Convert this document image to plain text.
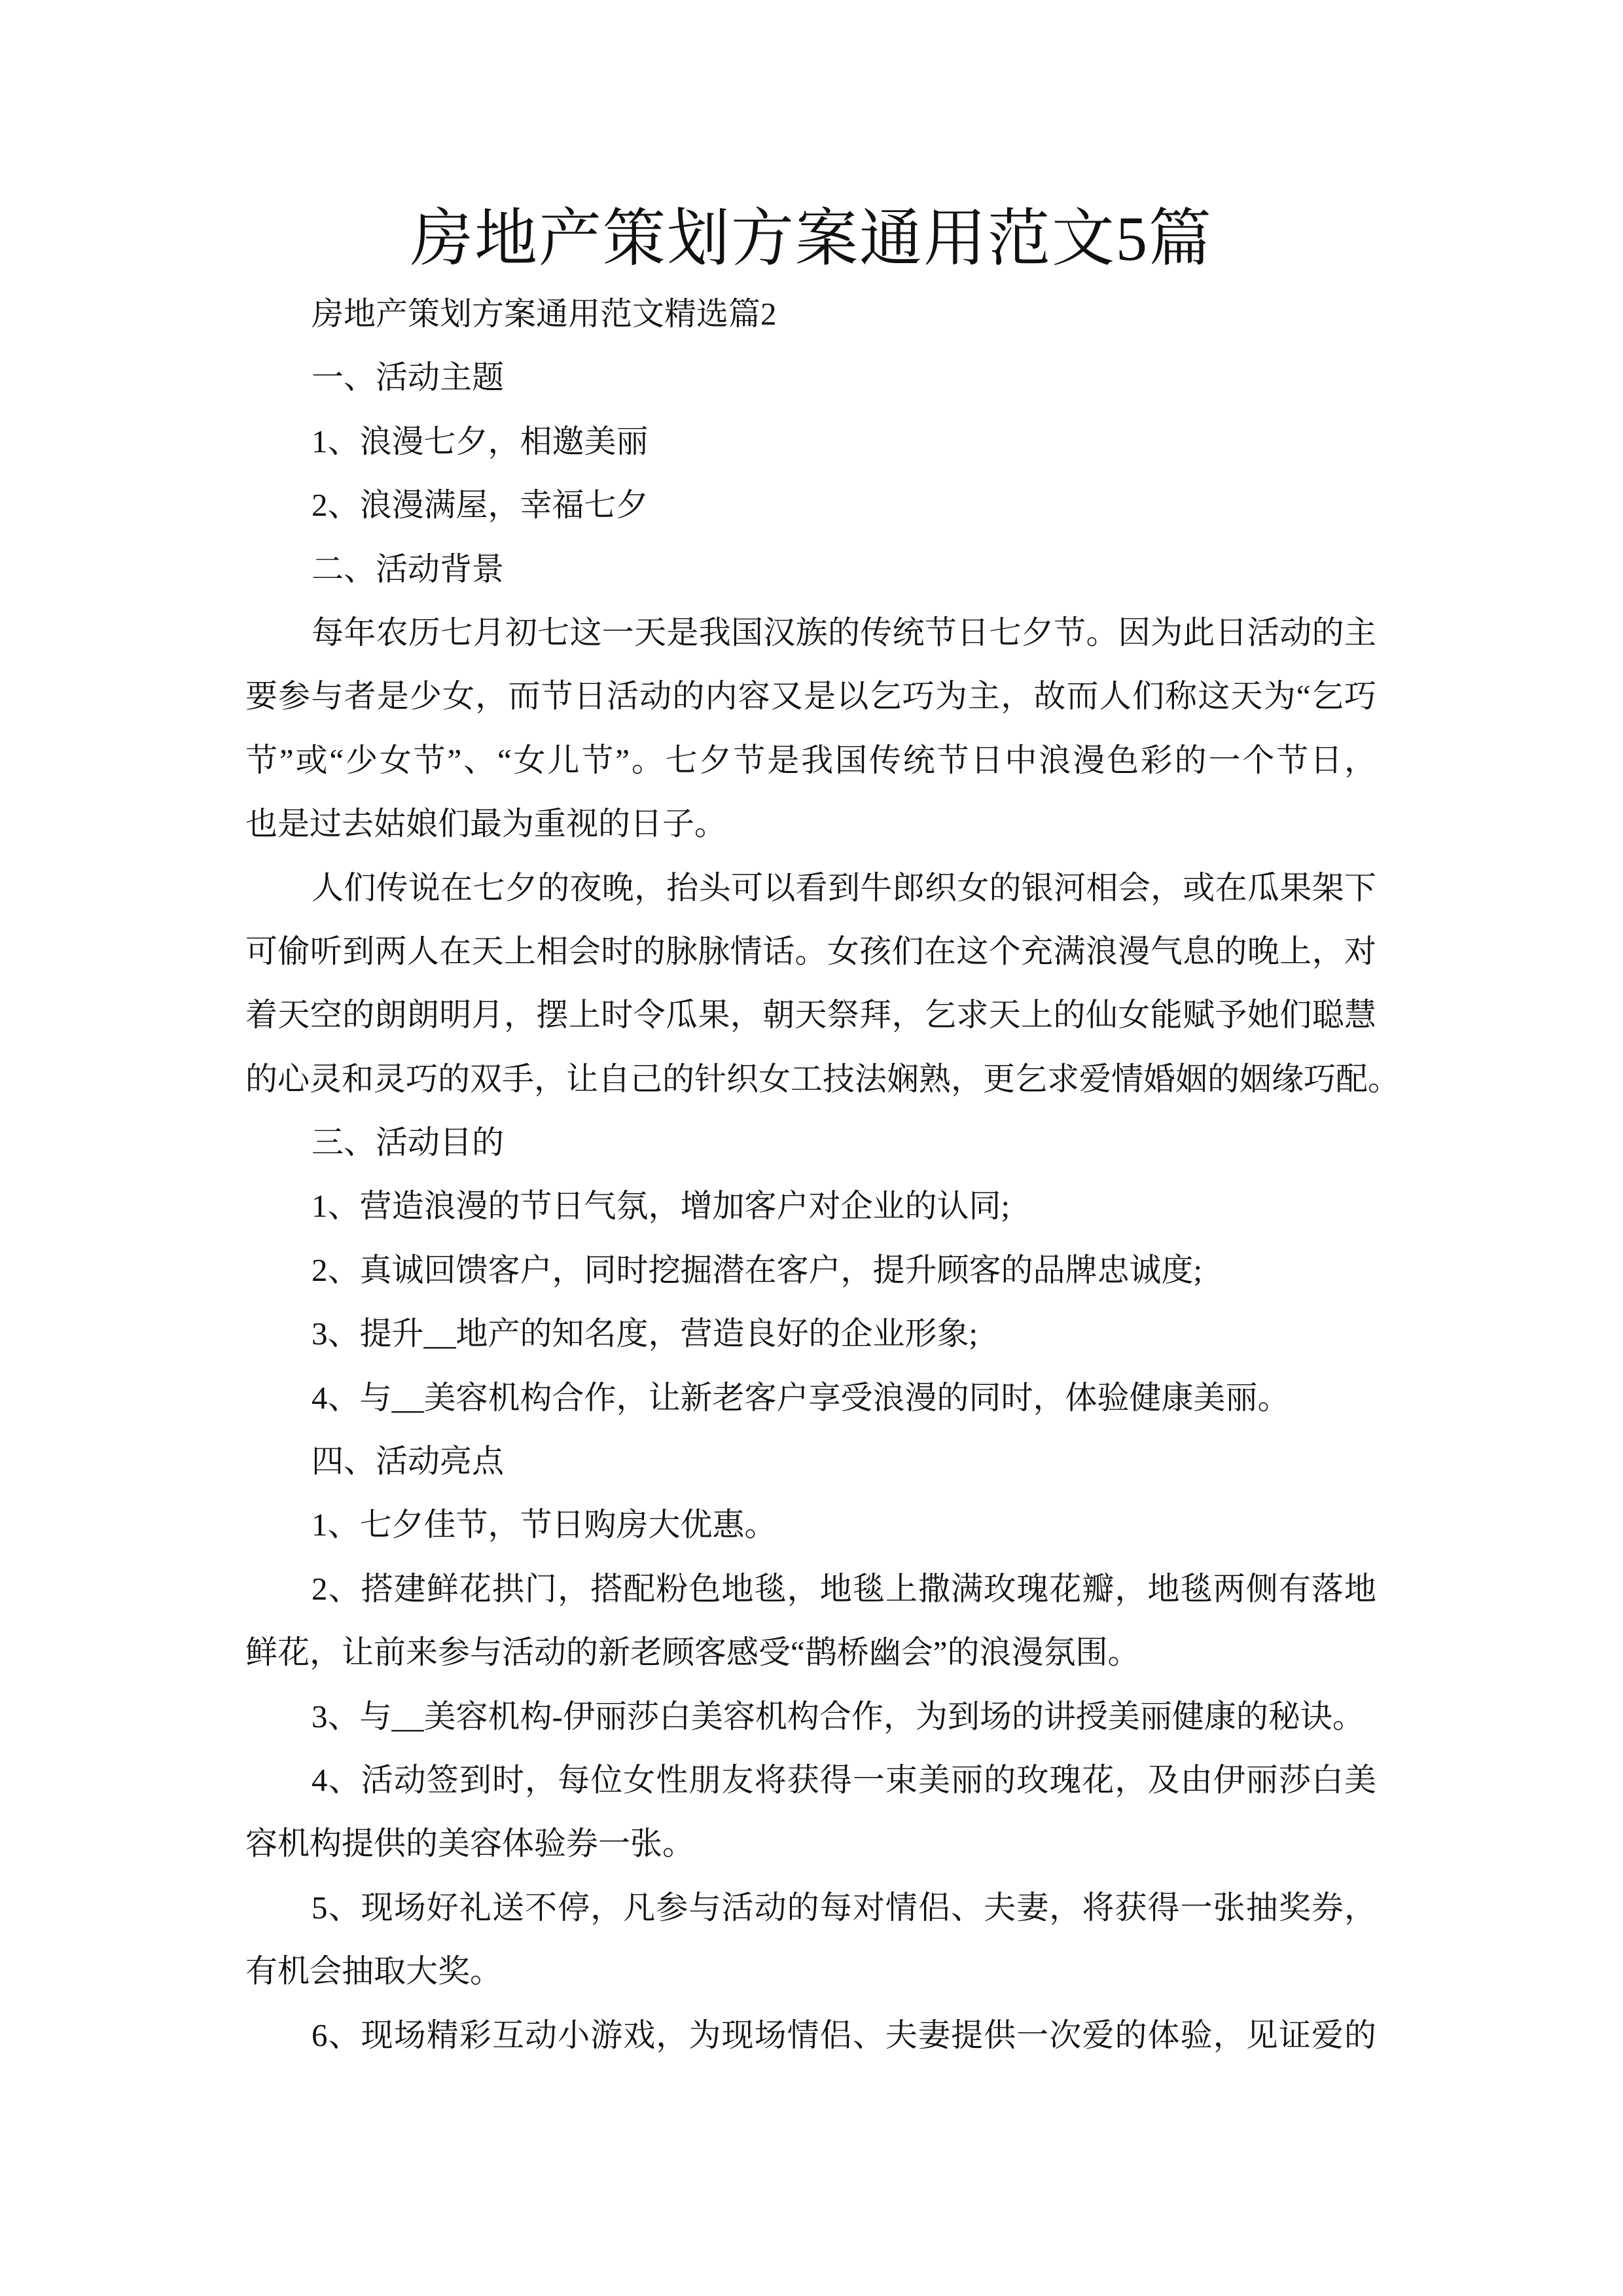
房地产策划方案通用范文5篇
房地产策划方案通用范文精选篇2
一、活动主题
1、浪漫七夕，相邀美丽
2、浪漫满屋，幸福七夕
二、活动背景
每年农历七月初七这一天是我国汉族的传统节日七夕节。因为此日活动的主
要参与者是少女，而节日活动的内容又是以乞巧为主，故而人们称这天为“乞巧
节”或“少女节”、“女儿节”。七夕节是我国传统节日中浪漫色彩的一个节日，
也是过去姑娘们最为重视的日子。
人们传说在七夕的夜晚，抬头可以看到牛郎织女的银河相会，或在瓜果架下
可偷听到两人在天上相会时的脉脉情话。女孩们在这个充满浪漫气息的晚上，对
着天空的朗朗明月，摆上时令瓜果，朝天祭拜，乞求天上的仙女能赋予她们聪慧
的心灵和灵巧的双手，让自己的针织女工技法娴熟，更乞求爱情婚姻的姻缘巧配。
三、活动目的
1、营造浪漫的节日气氛，增加客户对企业的认同;
2、真诚回馈客户，同时挖掘潜在客户，提升顾客的品牌忠诚度;
3、提升__地产的知名度，营造良好的企业形象;
4、与__美容机构合作，让新老客户享受浪漫的同时，体验健康美丽。
四、活动亮点
1、七夕佳节，节日购房大优惠。
2、搭建鲜花拱门，搭配粉色地毯，地毯上撒满玫瑰花瓣，地毯两侧有落地
鲜花，让前来参与活动的新老顾客感受“鹊桥幽会”的浪漫氛围。
3、与__美容机构-伊丽莎白美容机构合作，为到场的讲授美丽健康的秘诀。
4、活动签到时，每位女性朋友将获得一束美丽的玫瑰花，及由伊丽莎白美
容机构提供的美容体验券一张。
5、现场好礼送不停，凡参与活动的每对情侣、夫妻，将获得一张抽奖券，
有机会抽取大奖。
6、现场精彩互动小游戏，为现场情侣、夫妻提供一次爱的体验，见证爱的
